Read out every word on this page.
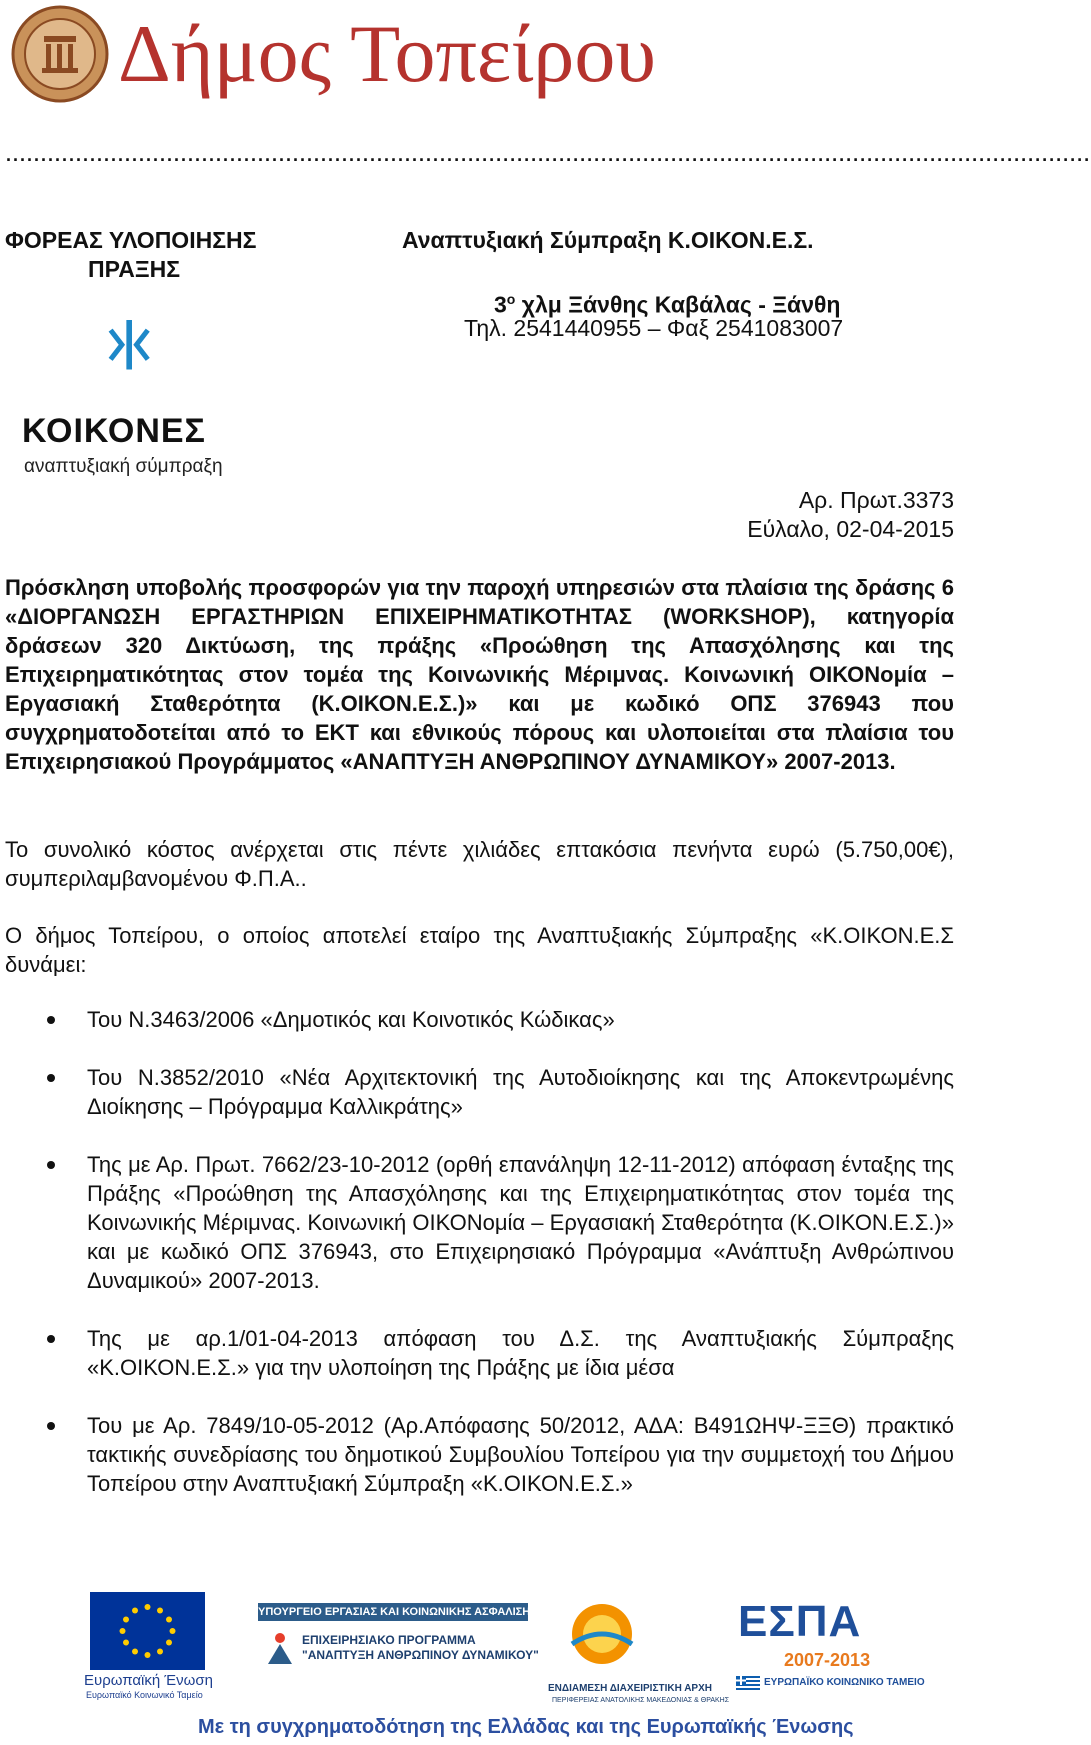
Δήμος Τοπείρου
...........................................................................................................................................................
ΦΟΡΕΑΣ ΥΛΟΠΟΙΗΣΗΣ
ΠΡΑΞΗΣ
Αναπτυξιακή Σύμπραξη Κ.ΟΙΚΟΝ.Ε.Σ.
$3^o$ χλμ Ξάνθης Καβάλας - Ξάνθη
Τηλ. 2541440955 – Φαξ 2541083007
ΚΟΙΚΟΝΕΣ
αναπτυξιακή σύμπραξη
Αρ. Πρωτ.3373
Εύλαλο, 02-04-2015
Πρόσκληση υποβολής προσφορών για την παροχή υπηρεσιών στα πλαίσια της δράσης 6 «ΔΙΟΡΓΑΝΩΣΗ ΕΡΓΑΣΤΗΡΙΩΝ ΕΠΙΧΕΙΡΗΜΑΤΙΚΟΤΗΤΑΣ (WORKSHOP), κατηγορία δράσεων 320 Δικτύωση, της πράξης «Προώθηση της Απασχόλησης και της Επιχειρηματικότητας στον τομέα της Κοινωνικής Μέριμνας. Κοινωνική ΟΙΚΟΝομία – Εργασιακή Σταθερότητα (Κ.ΟΙΚΟΝ.Ε.Σ.)» και με κωδικό ΟΠΣ 376943 που συγχρηματοδοτείται από το ΕΚΤ και εθνικούς πόρους και υλοποιείται στα πλαίσια του Επιχειρησιακού Προγράμματος «ΑΝΑΠΤΥΞΗ ΑΝΘΡΩΠΙΝΟΥ ΔΥΝΑΜΙΚΟΥ» 2007-2013.
Το συνολικό κόστος ανέρχεται στις πέντε χιλιάδες επτακόσια πενήντα ευρώ (5.750,00€), συμπεριλαμβανομένου Φ.Π.Α..
Ο δήμος Τοπείρου, ο οποίος αποτελεί εταίρο της Αναπτυξιακής Σύμπραξης «Κ.ΟΙΚΟΝ.Ε.Σ δυνάμει:
Του Ν.3463/2006 «Δημοτικός και Κοινοτικός Κώδικας»
Του Ν.3852/2010 «Νέα Αρχιτεκτονική της Αυτοδιοίκησης και της Αποκεντρωμένης Διοίκησης – Πρόγραμμα Καλλικράτης»
Της με Αρ. Πρωτ. 7662/23-10-2012 (ορθή επανάληψη 12-11-2012) απόφαση ένταξης της Πράξης «Προώθηση της Απασχόλησης και της Επιχειρηματικότητας στον τομέα της Κοινωνικής Μέριμνας. Κοινωνική ΟΙΚΟΝομία – Εργασιακή Σταθερότητα (Κ.ΟΙΚΟΝ.Ε.Σ.)» και με κωδικό ΟΠΣ 376943, στο Επιχειρησιακό Πρόγραμμα «Ανάπτυξη Ανθρώπινου Δυναμικού» 2007-2013.
Της με αρ.1/01-04-2013 απόφαση του Δ.Σ. της Αναπτυξιακής Σύμπραξης «Κ.ΟΙΚΟΝ.Ε.Σ.» για την υλοποίηση της Πράξης με ίδια μέσα
Του με Αρ. 7849/10-05-2012 (Αρ.Απόφασης 50/2012, ΑΔΑ: Β491ΩΗΨ-ΞΞΘ) πρακτικό τακτικής συνεδρίασης του δημοτικού Συμβουλίου Τοπείρου για την συμμετοχή του Δήμου Τοπείρου στην Αναπτυξιακή Σύμπραξη «Κ.ΟΙΚΟΝ.Ε.Σ.»
Ευρωπαϊκή Ένωση
Ευρωπαϊκό Κοινωνικό Ταμείο
ΥΠΟΥΡΓΕΙΟ ΕΡΓΑΣΙΑΣ ΚΑΙ ΚΟΙΝΩΝΙΚΗΣ ΑΣΦΑΛΙΣΗΣ
ΕΠΙΧΕΙΡΗΣΙΑΚΟ ΠΡΟΓΡΑΜΜΑ
"ΑΝΑΠΤΥΞΗ ΑΝΘΡΩΠΙΝΟΥ ΔΥΝΑΜΙΚΟΥ"
ΕΝΔΙΑΜΕΣΗ ΔΙΑΧΕΙΡΙΣΤΙΚΗ ΑΡΧΗ
ΠΕΡΙΦΕΡΕΙΑΣ ΑΝΑΤΟΛΙΚΗΣ ΜΑΚΕΔΟΝΙΑΣ & ΘΡΑΚΗΣ
ΕΣΠΑ
2007-2013
ΕΥΡΩΠΑΪΚΟ ΚΟΙΝΩΝΙΚΟ ΤΑΜΕΙΟ
Με τη συγχρηματοδότηση της Ελλάδας και της Ευρωπαϊκής Ένωσης
